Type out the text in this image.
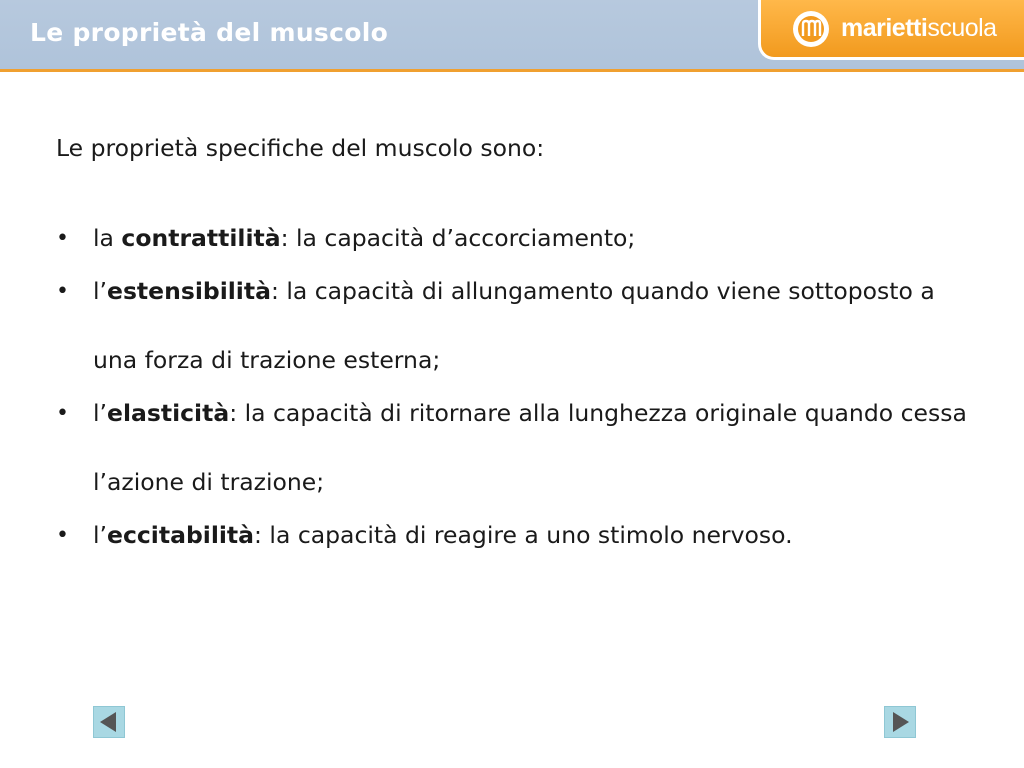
Le proprietà del muscolo	mariettiscuola

Le proprietà specifiche del muscolo sono:

• la contrattilità: la capacità d’accorciamento;
• l’estensibilità: la capacità di allungamento quando viene sottoposto a una forza di trazione esterna;
• l’elasticità: la capacità di ritornare alla lunghezza originale quando cessa l’azione di trazione;
• l’eccitabilità: la capacità di reagire a uno stimolo nervoso.
